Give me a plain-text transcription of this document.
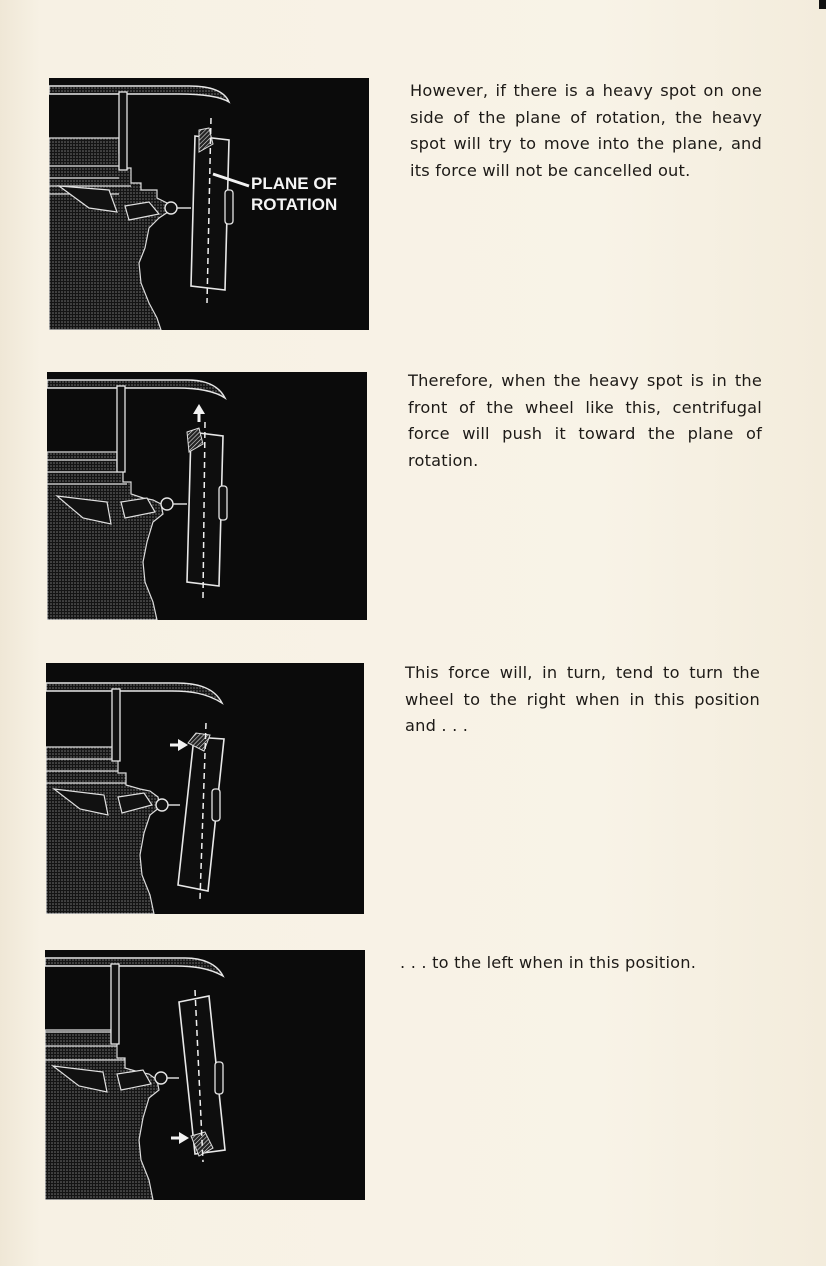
PLANE OF
ROTATION
However, if there is a heavy spot on one side of the plane of rotation, the heavy spot will try to move into the plane, and its force will not be cancelled out.
Therefore, when the heavy spot is in the front of the wheel like this, centrifugal force will push it toward the plane of rotation.
This force will, in turn, tend to turn the wheel to the right when in this position and . . .
. . . to the left when in this position.
